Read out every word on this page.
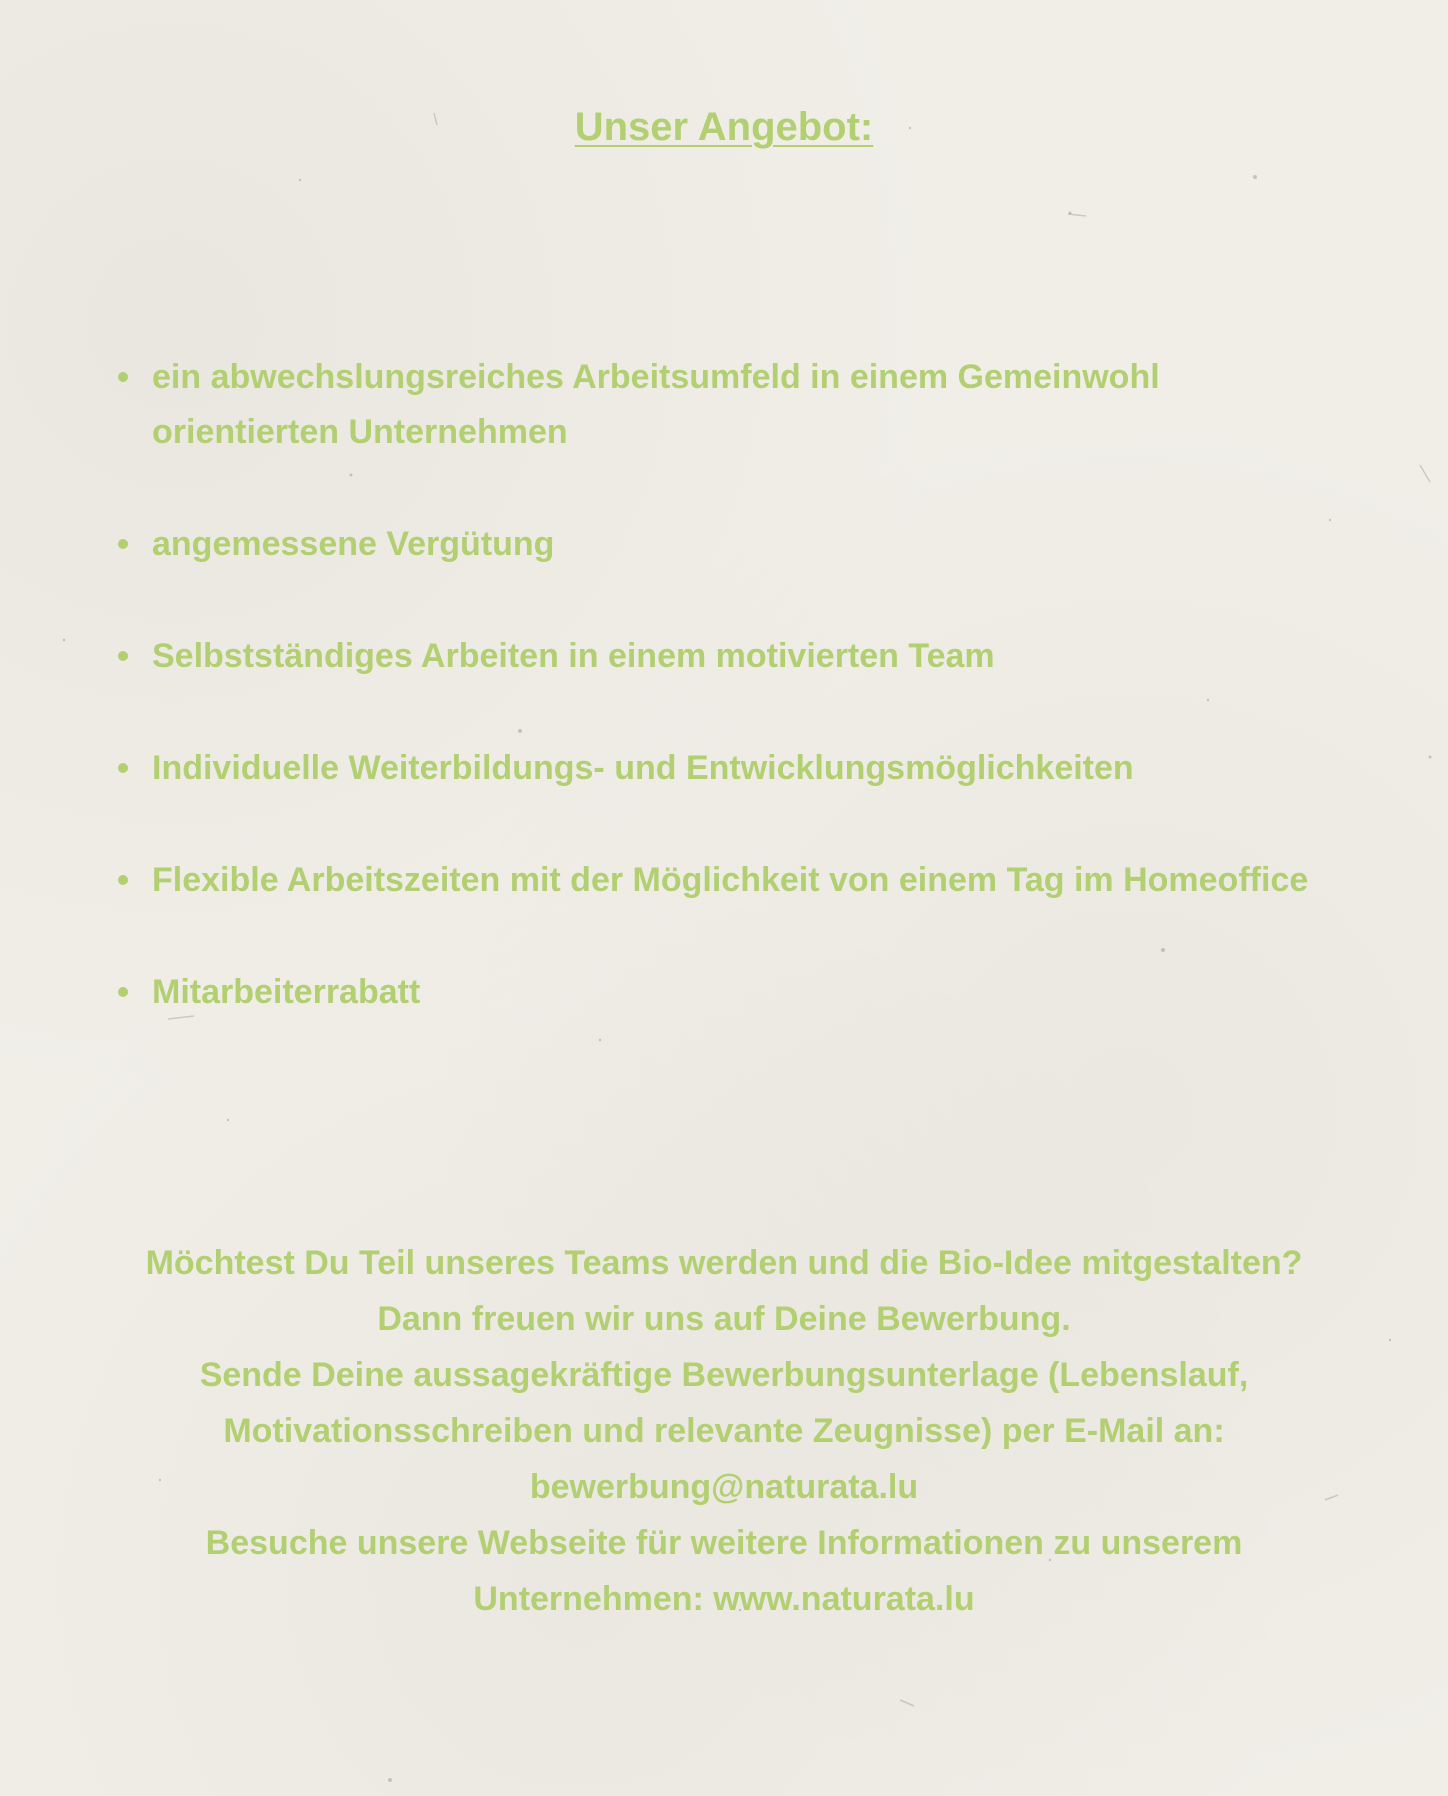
Unser Angebot:
ein abwechslungsreiches Arbeitsumfeld in einem Gemeinwohl orientierten Unternehmen
angemessene Vergütung
Selbstständiges Arbeiten in einem motivierten Team
Individuelle Weiterbildungs- und Entwicklungsmöglichkeiten
Flexible Arbeitszeiten mit der Möglichkeit von einem Tag im Homeoffice
Mitarbeiterrabatt

Möchtest Du Teil unseres Teams werden und die Bio-Idee mitgestalten?

Dann freuen wir uns auf Deine Bewerbung.

Sende Deine aussagekräftige Bewerbungsunterlage (Lebenslauf, Motivationsschreiben und relevante Zeugnisse) per E-Mail an:

bewerbung@naturata.lu

Besuche unsere Webseite für weitere Informationen zu unserem Unternehmen: www.naturata.lu
